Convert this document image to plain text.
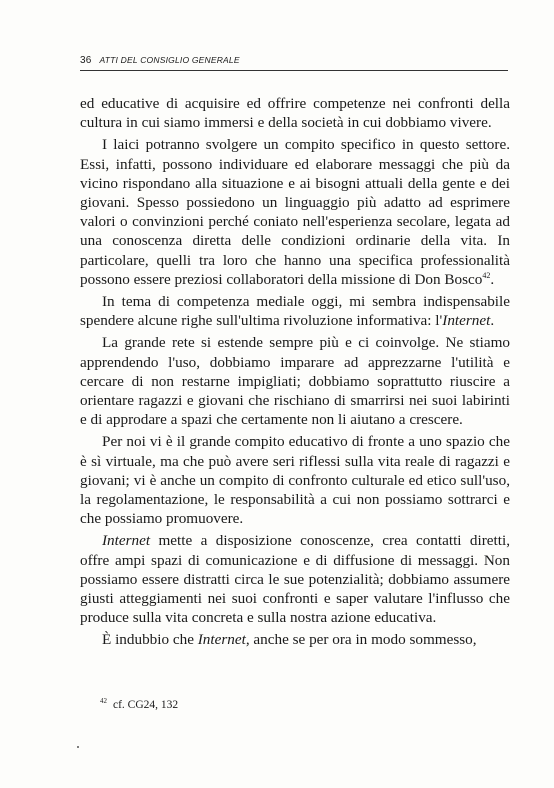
36 ATTI DEL CONSIGLIO GENERALE

ed educative di acquisire ed offrire competenze nei confronti della cultura in cui siamo immersi e della società in cui dobbiamo vivere.

I laici potranno svolgere un compito specifico in questo settore. Essi, infatti, possono individuare ed elaborare messaggi che più da vicino rispondano alla situazione e ai bisogni attuali della gente e dei giovani. Spesso possiedono un linguaggio più adatto ad esprimere valori o convinzioni perché coniato nell'esperienza secolare, legata ad una conoscenza diretta delle condizioni ordinarie della vita. In particolare, quelli tra loro che hanno una specifica professionalità possono essere preziosi collaboratori della missione di Don Bosco$^{42}$.

In tema di competenza mediale oggi, mi sembra indispensabile spendere alcune righe sull'ultima rivoluzione informativa: l'Internet.

La grande rete si estende sempre più e ci coinvolge. Ne stiamo apprendendo l'uso, dobbiamo imparare ad apprezzarne l'utilità e cercare di non restarne impigliati; dobbiamo soprattutto riuscire a orientare ragazzi e giovani che rischiano di smarrirsi nei suoi labirinti e di approdare a spazi che certamente non li aiutano a crescere.

Per noi vi è il grande compito educativo di fronte a uno spazio che è sì virtuale, ma che può avere seri riflessi sulla vita reale di ragazzi e giovani; vi è anche un compito di confronto culturale ed etico sull'uso, la regolamentazione, le responsabilità a cui non possiamo sottrarci e che possiamo promuovere.

Internet mette a disposizione conoscenze, crea contatti diretti, offre ampi spazi di comunicazione e di diffusione di messaggi. Non possiamo essere distratti circa le sue potenzialità; dobbiamo assumere giusti atteggiamenti nei suoi confronti e saper valutare l'influsso che produce sulla vita concreta e sulla nostra azione educativa.

È indubbio che Internet, anche se per ora in modo sommesso,

$^{42}$ cf. CG24, 132
